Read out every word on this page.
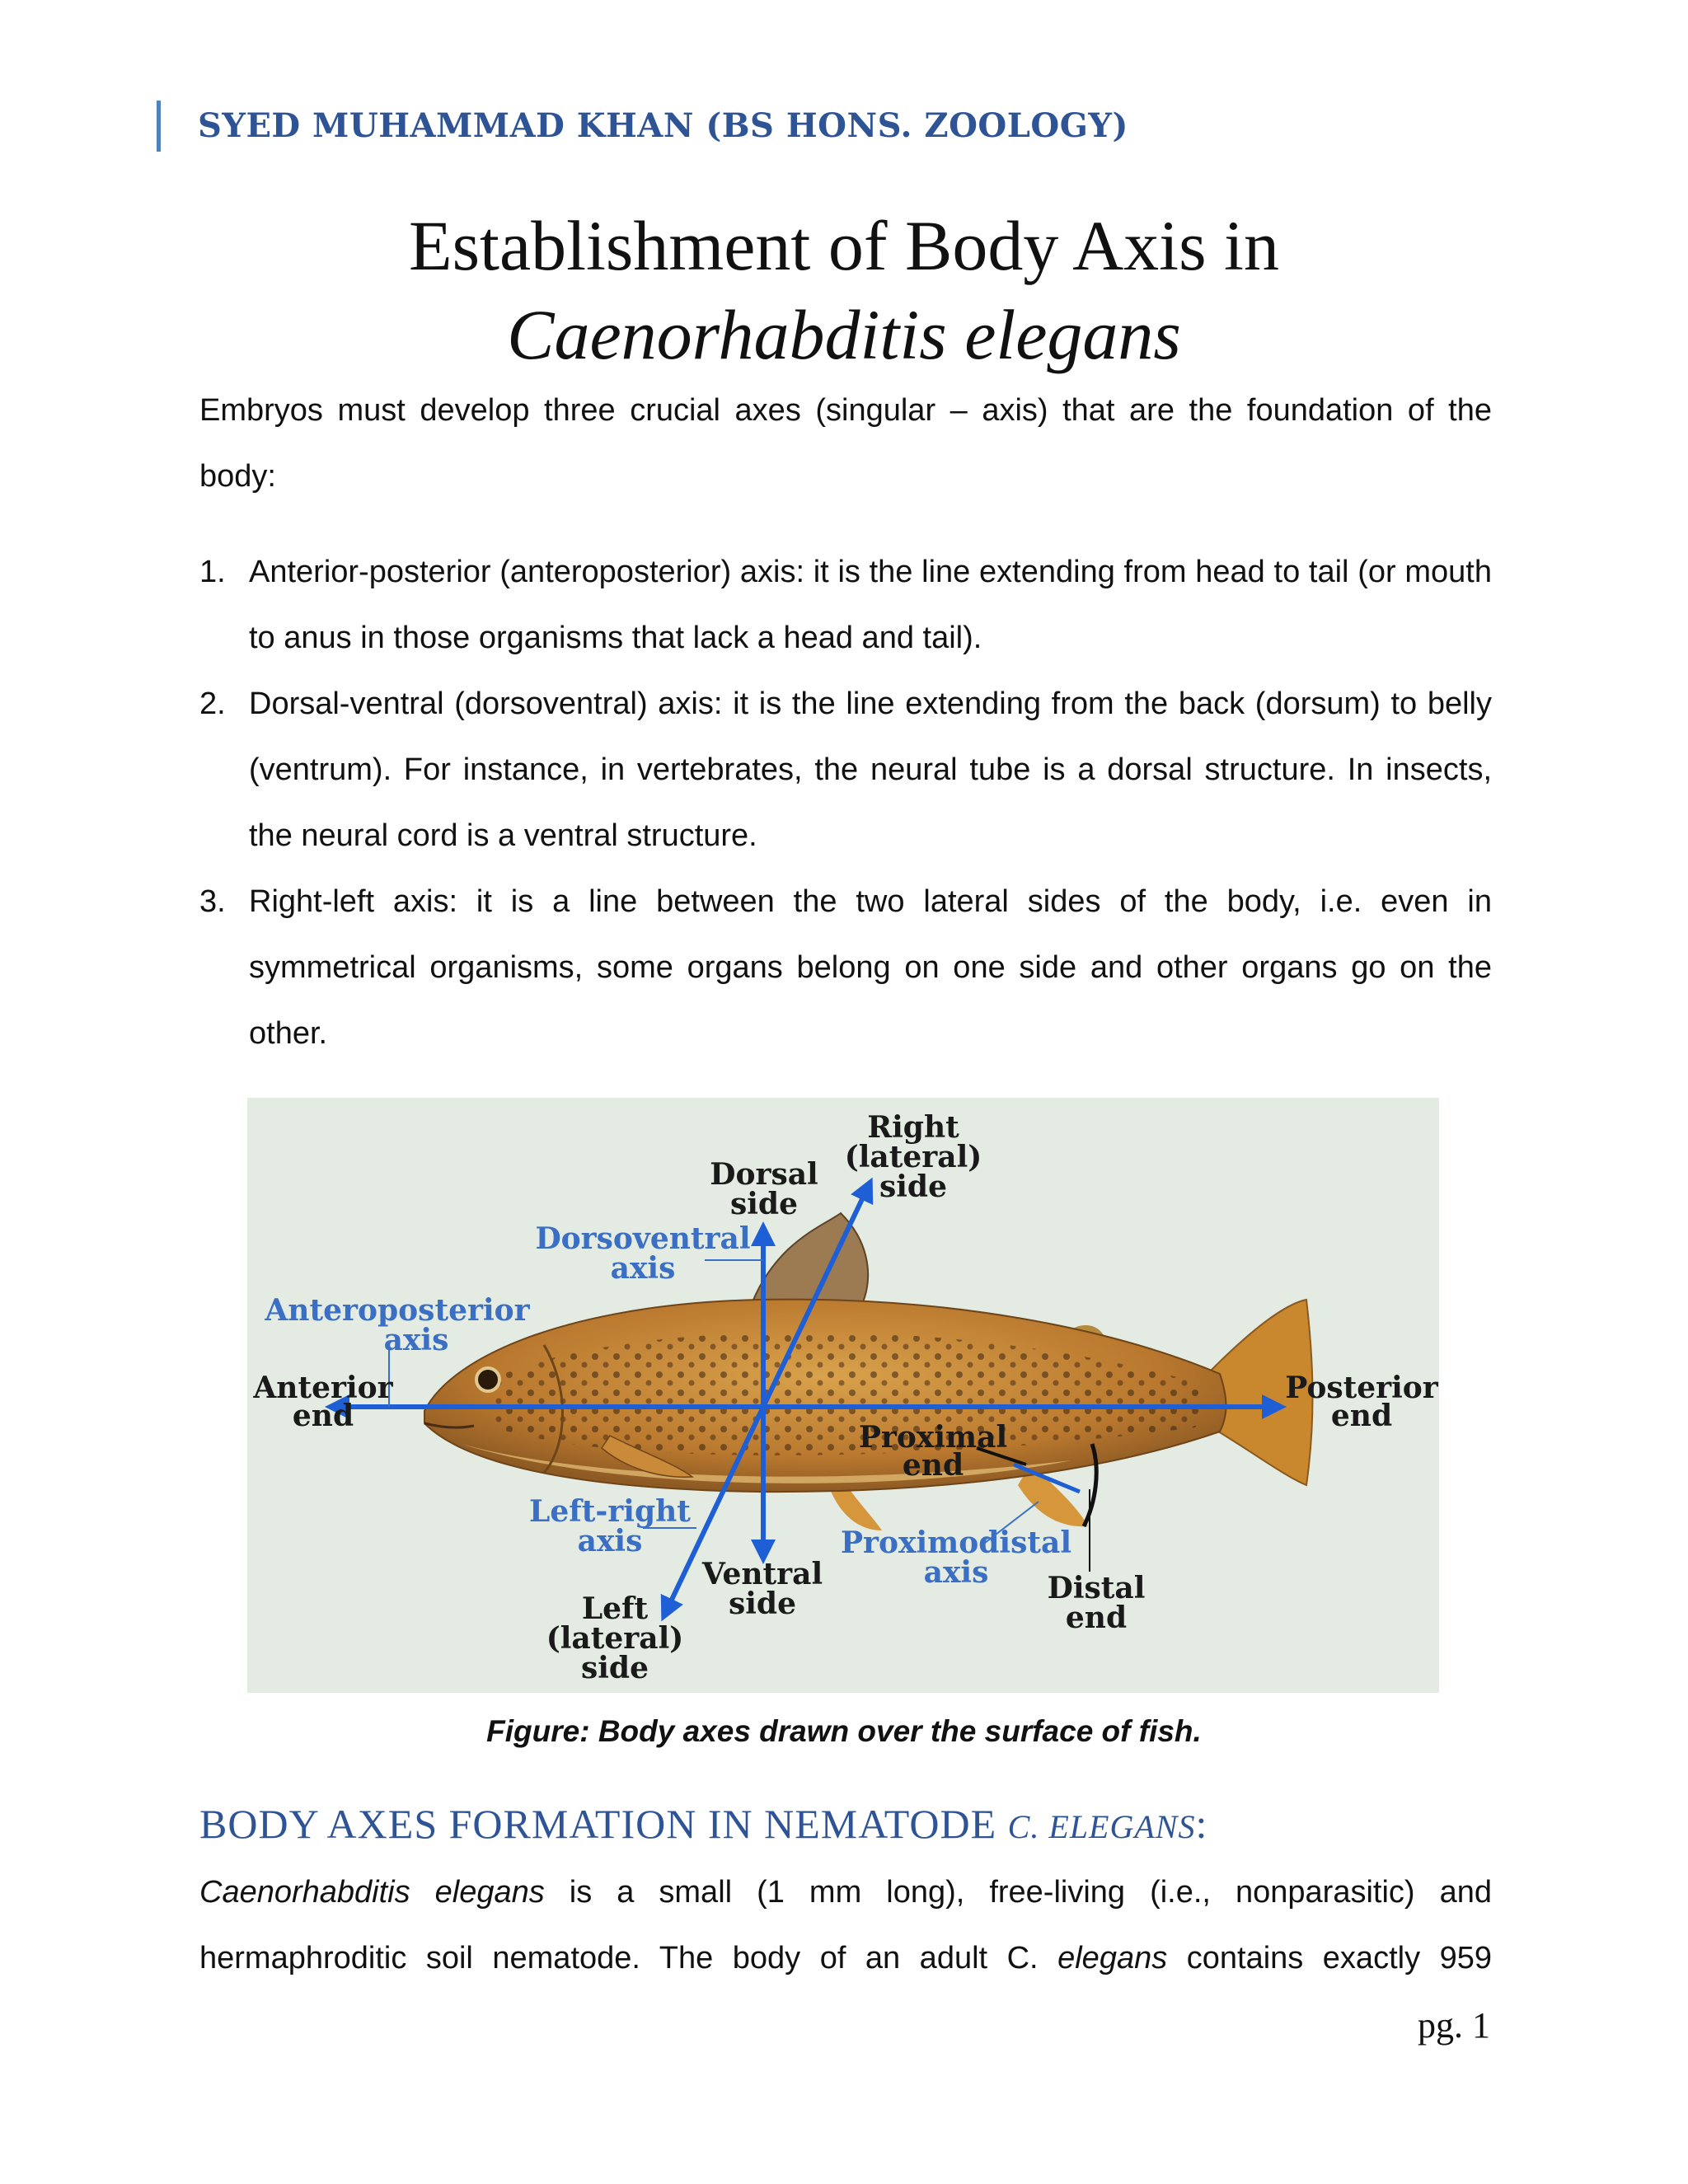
SYED MUHAMMAD KHAN (BS HONS. ZOOLOGY)
Establishment of Body Axis in
Caenorhabditis elegans
Embryos must develop three crucial axes (singular – axis) that are the foundation of the body:
1. Anterior-posterior (anteroposterior) axis: it is the line extending from head to tail (or mouth to anus in those organisms that lack a head and tail).
2. Dorsal-ventral (dorsoventral) axis: it is the line extending from the back (dorsum) to belly (ventrum). For instance, in vertebrates, the neural tube is a dorsal structure. In insects, the neural cord is a ventral structure.
3. Right-left axis: it is a line between the two lateral sides of the body, i.e. even in symmetrical organisms, some organs belong on one side and other organs go on the other.
Right
(lateral)
side
Dorsal
side
Dorsoventral
axis
Anteroposterior
axis
Anterior
end
Posterior
end
Proximal
end
Left-right
axis
Ventral
side
Proximodistal
axis Distal
end
Left
(lateral)
side
Figure: Body axes drawn over the surface of fish.
BODY AXES FORMATION IN NEMATODE C. ELEGANS:
Caenorhabditis elegans is a small (1 mm long), free-living (i.e., nonparasitic) and hermaphroditic soil nematode. The body of an adult C. elegans contains exactly 959
pg. 1
